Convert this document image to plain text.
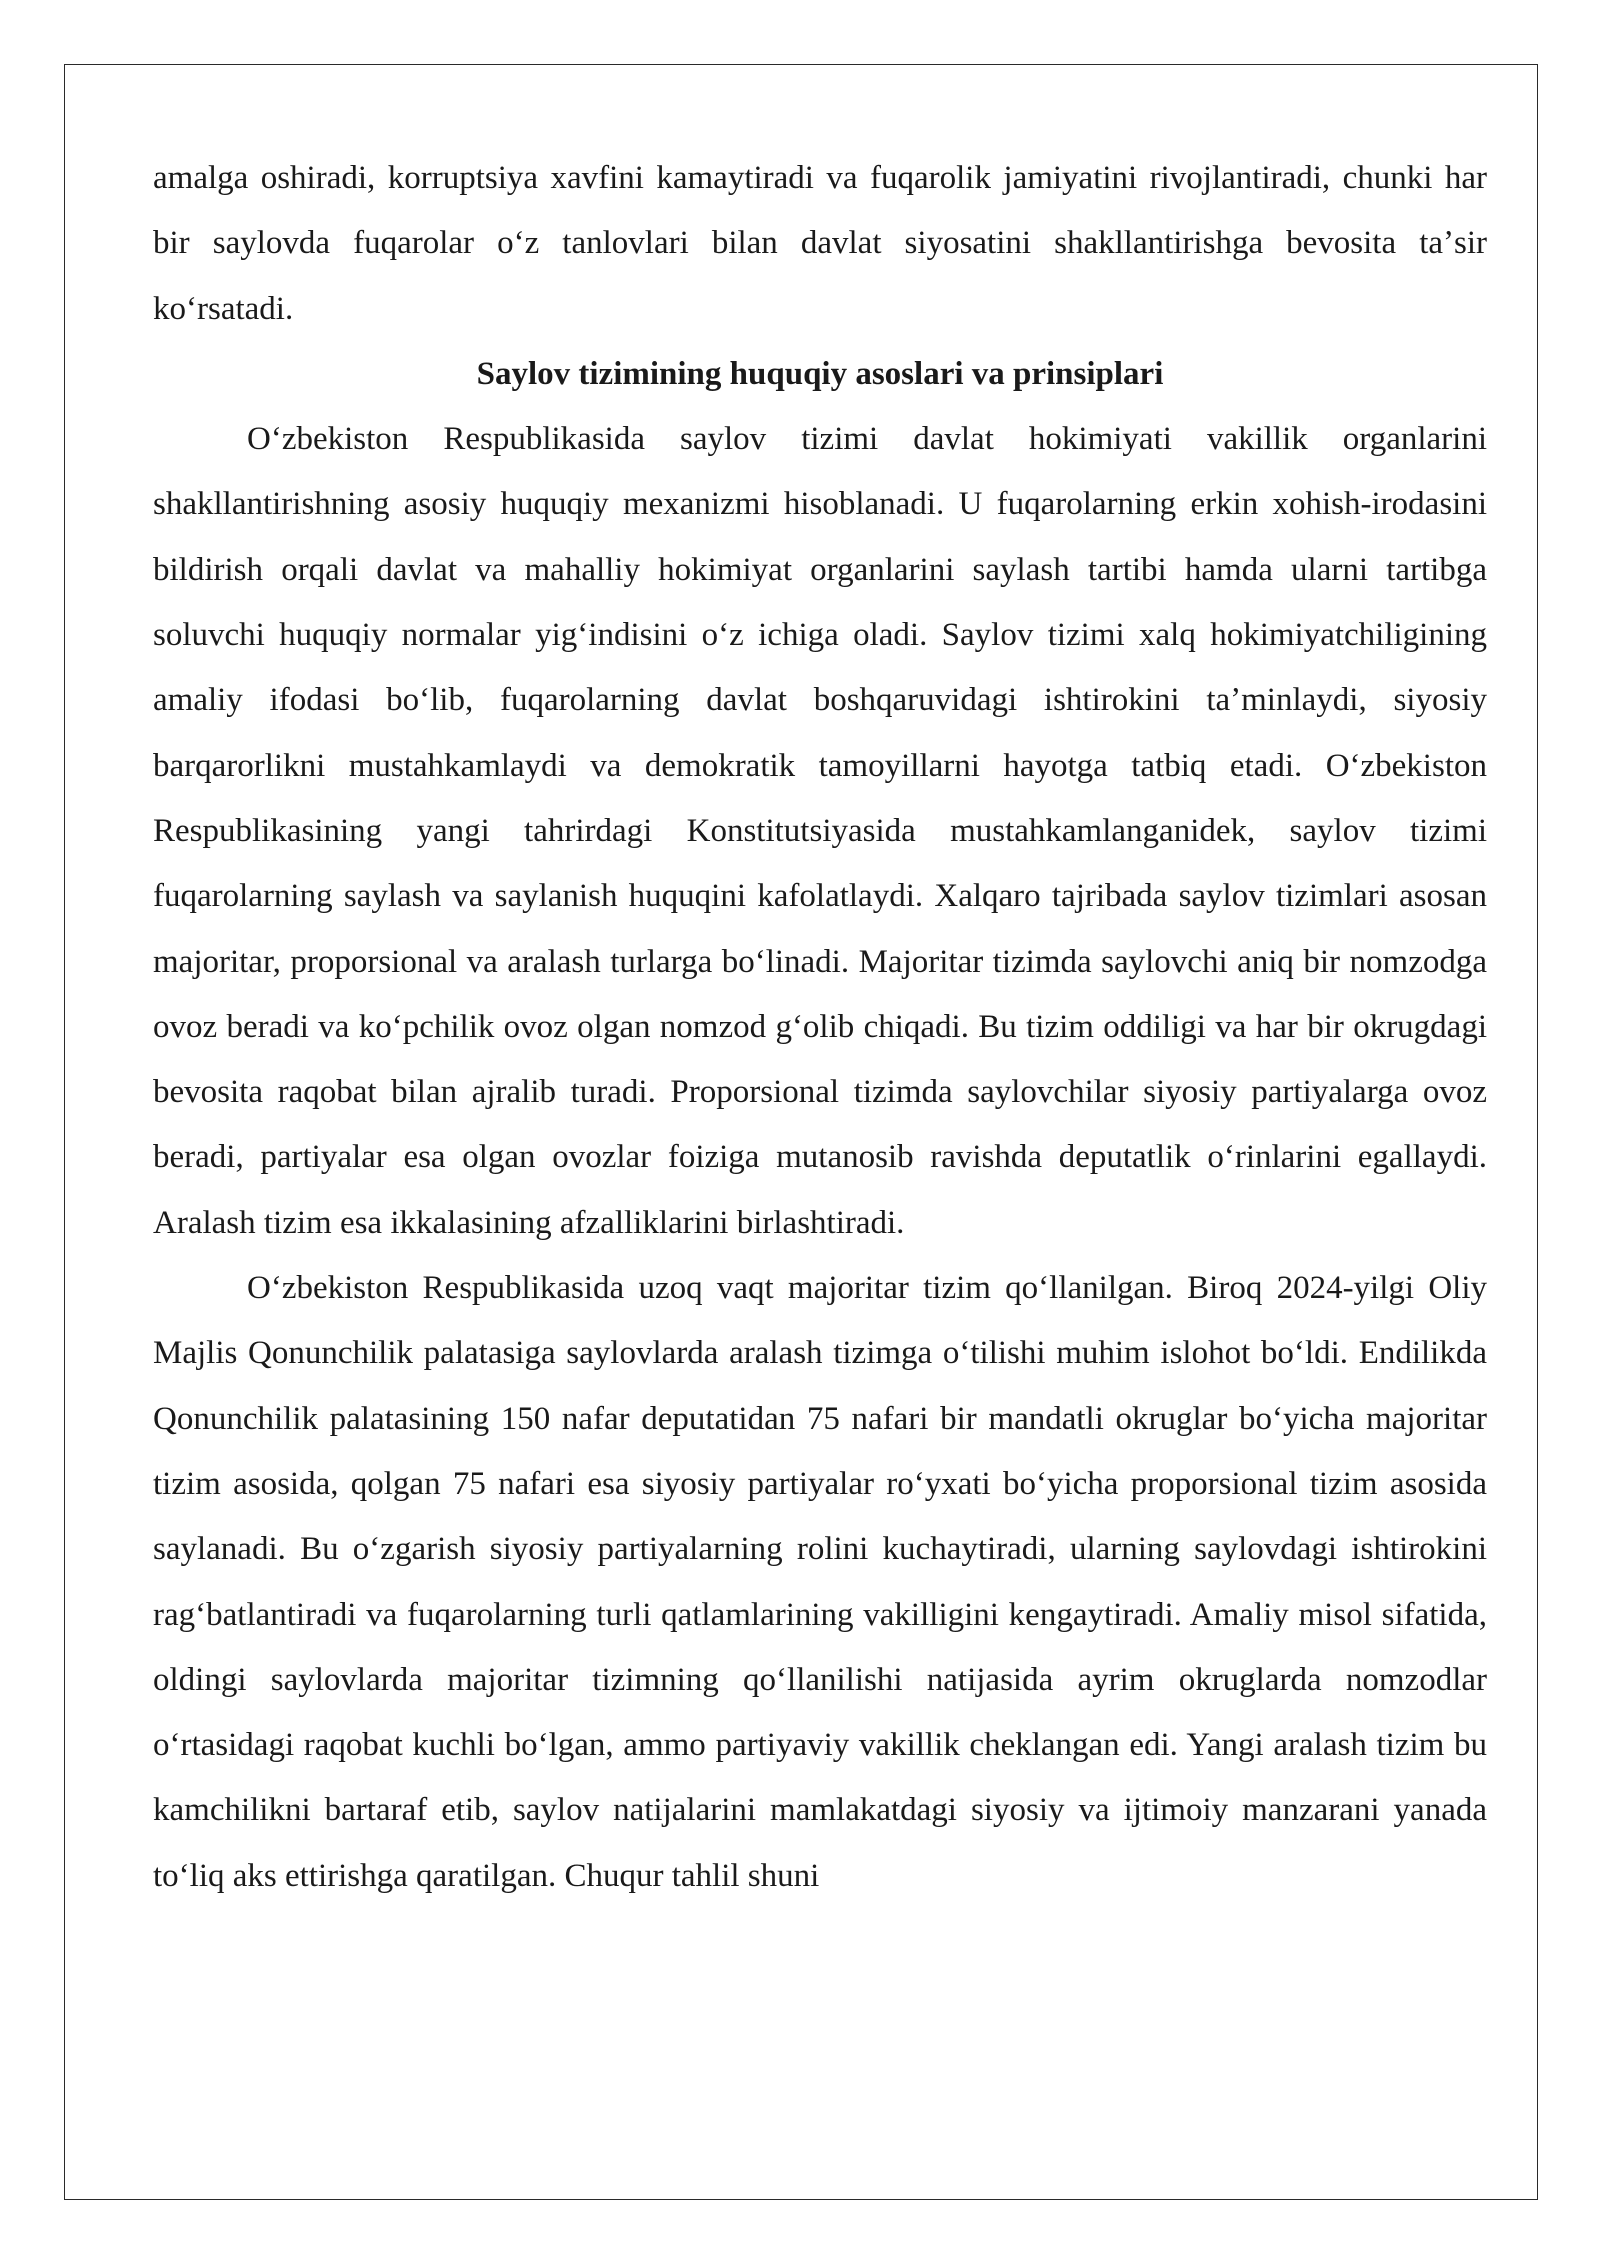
amalga oshiradi, korruptsiya xavfini kamaytiradi va fuqarolik jamiyatini rivojlantiradi, chunki har bir saylovda fuqarolar oʻz tanlovlari bilan davlat siyosatini shakllantirishga bevosita taʼsir koʻrsatadi.

Saylov tizimining huquqiy asoslari va prinsiplari

Oʻzbekiston Respublikasida saylov tizimi davlat hokimiyati vakillik organlarini shakllantirishning asosiy huquqiy mexanizmi hisoblanadi. U fuqarolarning erkin xohish-irodasini bildirish orqali davlat va mahalliy hokimiyat organlarini saylash tartibi hamda ularni tartibga soluvchi huquqiy normalar yigʻindisini oʻz ichiga oladi. Saylov tizimi xalq hokimiyatchiligining amaliy ifodasi boʻlib, fuqarolarning davlat boshqaruvidagi ishtirokini taʼminlaydi, siyosiy barqarorlikni mustahkamlaydi va demokratik tamoyillarni hayotga tatbiq etadi. Oʻzbekiston Respublikasining yangi tahrirdagi Konstitutsiyasida mustahkamlanganidek, saylov tizimi fuqarolarning saylash va saylanish huquqini kafolatlaydi. Xalqaro tajribada saylov tizimlari asosan majoritar, proporsional va aralash turlarga boʻlinadi. Majoritar tizimda saylovchi aniq bir nomzodga ovoz beradi va koʻpchilik ovoz olgan nomzod gʻolib chiqadi. Bu tizim oddiligi va har bir okrugdagi bevosita raqobat bilan ajralib turadi. Proporsional tizimda saylovchilar siyosiy partiyalarga ovoz beradi, partiyalar esa olgan ovozlar foiziga mutanosib ravishda deputatlik oʻrinlarini egallaydi. Aralash tizim esa ikkalasining afzalliklarini birlashtiradi.

Oʻzbekiston Respublikasida uzoq vaqt majoritar tizim qoʻllanilgan. Biroq 2024-yilgi Oliy Majlis Qonunchilik palatasiga saylovlarda aralash tizimga oʻtilishi muhim islohot boʻldi. Endilikda Qonunchilik palatasining 150 nafar deputatidan 75 nafari bir mandatli okruglar boʻyicha majoritar tizim asosida, qolgan 75 nafari esa siyosiy partiyalar roʻyxati boʻyicha proporsional tizim asosida saylanadi. Bu oʻzgarish siyosiy partiyalarning rolini kuchaytiradi, ularning saylovdagi ishtirokini ragʻbatlantiradi va fuqarolarning turli qatlamlarining vakilligini kengaytiradi. Amaliy misol sifatida, oldingi saylovlarda majoritar tizimning qoʻllanilishi natijasida ayrim okruglarda nomzodlar oʻrtasidagi raqobat kuchli boʻlgan, ammo partiyaviy vakillik cheklangan edi. Yangi aralash tizim bu kamchilikni bartaraf etib, saylov natijalarini mamlakatdagi siyosiy va ijtimoiy manzarani yanada toʻliq aks ettirishga qaratilgan. Chuqur tahlil shuni
